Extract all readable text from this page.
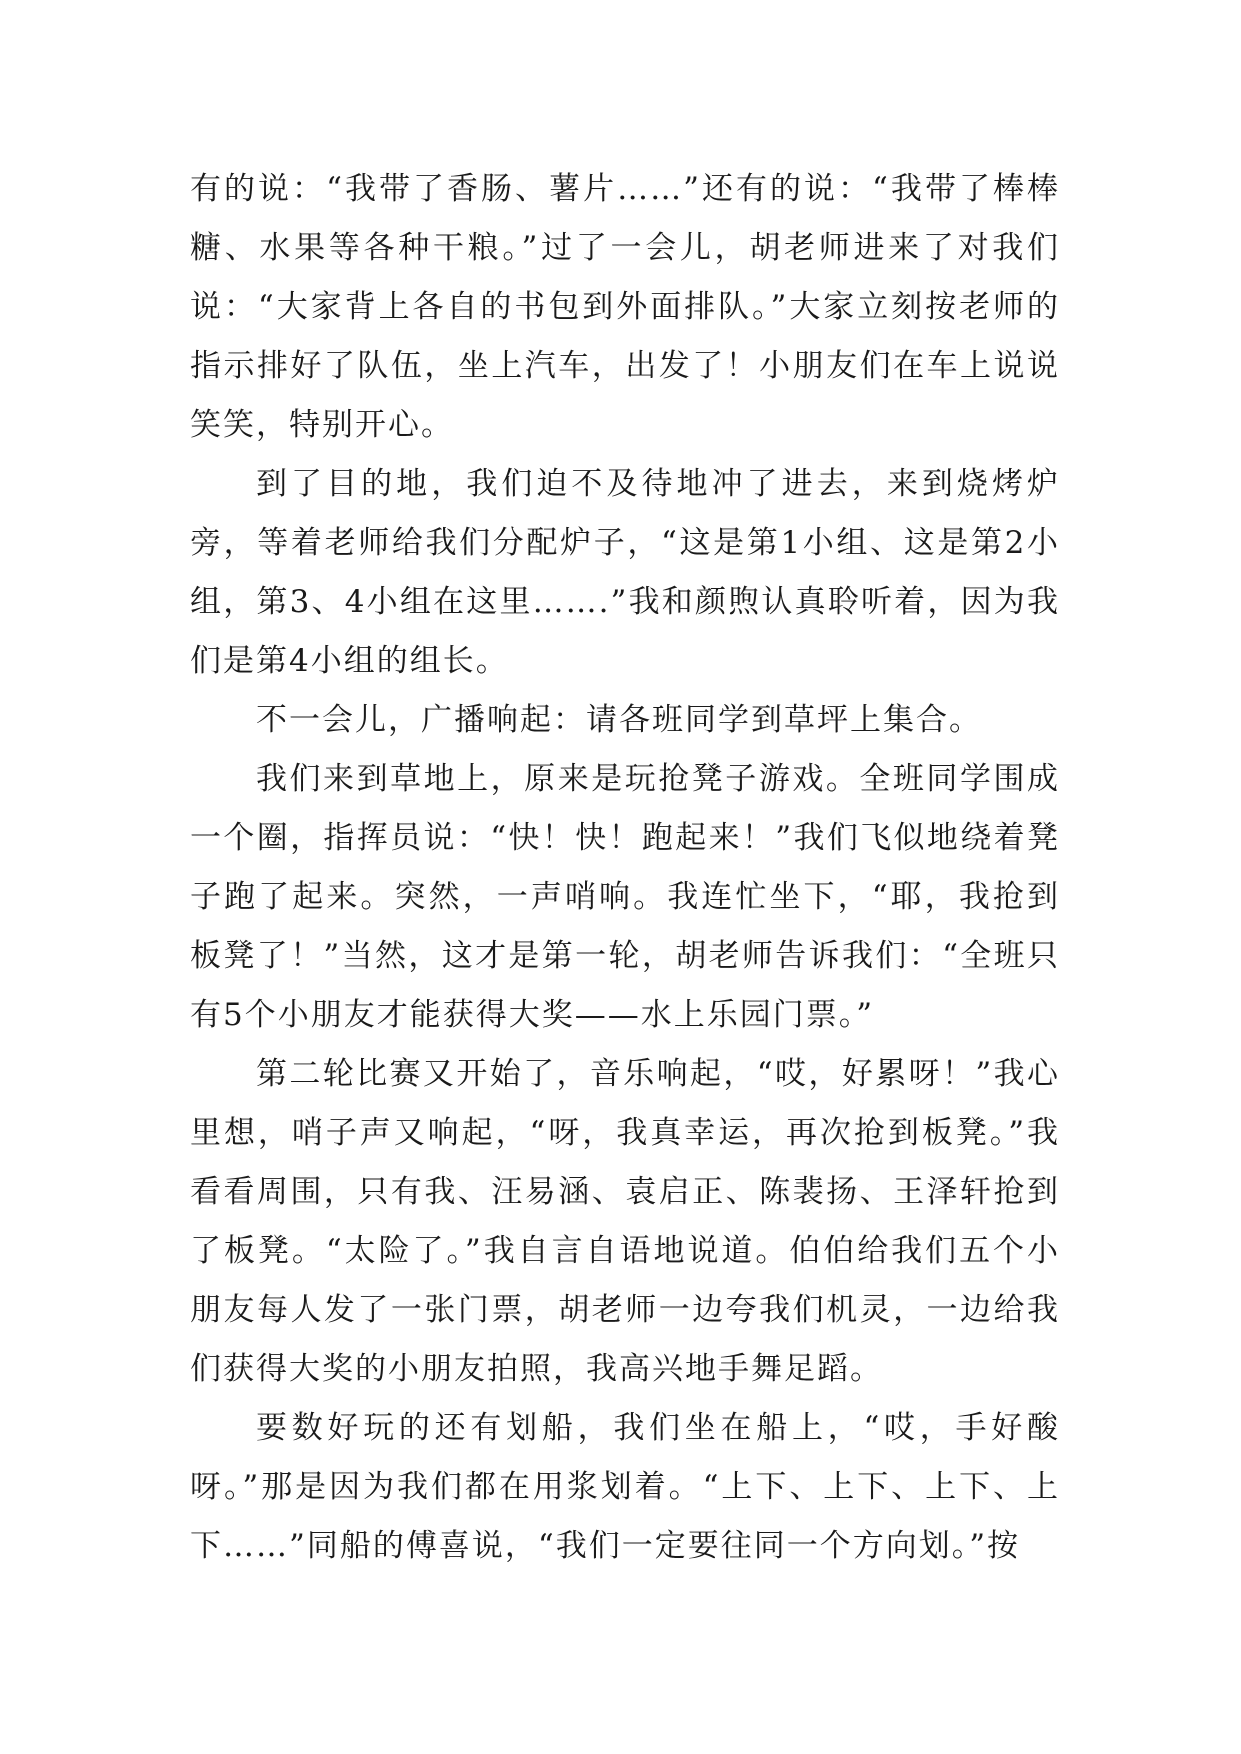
有的说：“我带了香肠、薯片……”还有的说：“我带了棒棒糖、水果等各种干粮。”过了一会儿，胡老师进来了对我们说：“大家背上各自的书包到外面排队。”大家立刻按老师的指示排好了队伍，坐上汽车，出发了！小朋友们在车上说说笑笑，特别开心。

到了目的地，我们迫不及待地冲了进去，来到烧烤炉旁，等着老师给我们分配炉子，“这是第1小组、这是第2小组，第3、4小组在这里…….”我和颜煦认真聆听着，因为我们是第4小组的组长。

不一会儿，广播响起：请各班同学到草坪上集合。

我们来到草地上，原来是玩抢凳子游戏。全班同学围成一个圈，指挥员说：“快！快！跑起来！”我们飞似地绕着凳子跑了起来。突然，一声哨响。我连忙坐下，“耶，我抢到板凳了！”当然，这才是第一轮，胡老师告诉我们：“全班只有5个小朋友才能获得大奖——水上乐园门票。”

第二轮比赛又开始了，音乐响起，“哎，好累呀！”我心里想，哨子声又响起，“呀，我真幸运，再次抢到板凳。”我看看周围，只有我、汪易涵、袁启正、陈裴扬、王泽轩抢到了板凳。“太险了。”我自言自语地说道。伯伯给我们五个小朋友每人发了一张门票，胡老师一边夸我们机灵，一边给我们获得大奖的小朋友拍照，我高兴地手舞足蹈。

要数好玩的还有划船，我们坐在船上，“哎，手好酸呀。”那是因为我们都在用浆划着。“上下、上下、上下、上下……”同船的傅喜说，“我们一定要往同一个方向划。”按
